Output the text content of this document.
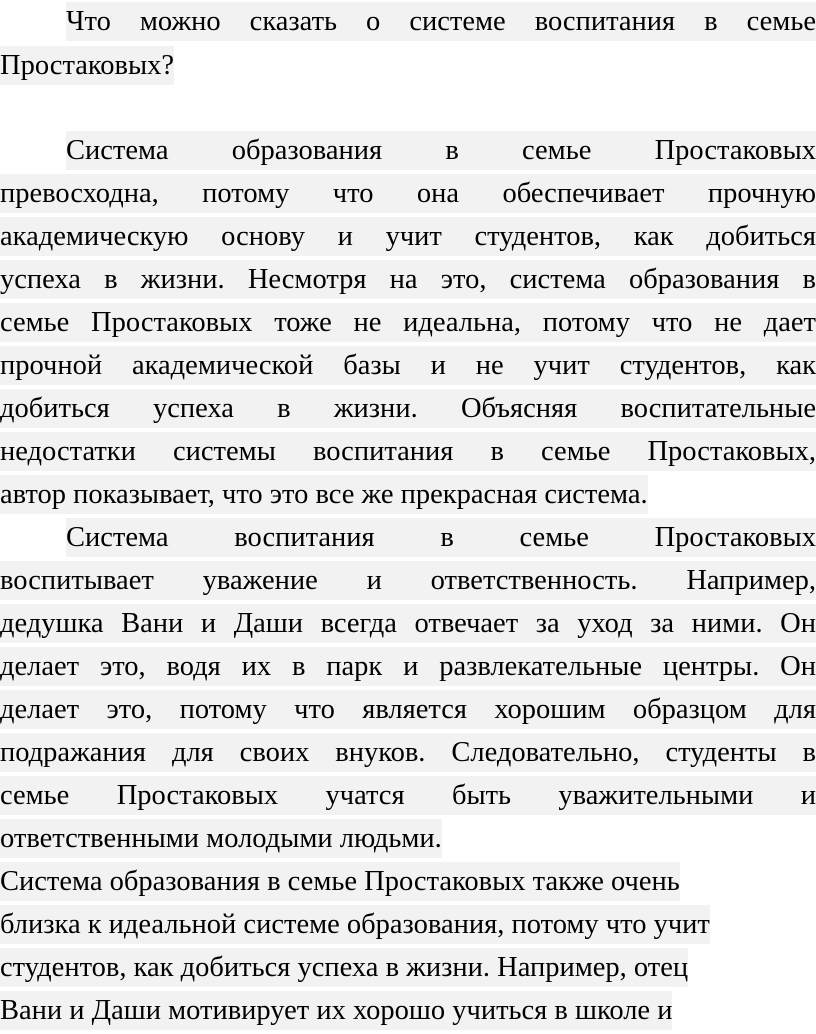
Что можно сказать о системе воспитания в семье
Простаковых?
Система образования в семье Простаковых
превосходна, потому что она обеспечивает прочную
академическую основу и учит студентов, как добиться
успеха в жизни. Несмотря на это, система образования в
семье Простаковых тоже не идеальна, потому что не дает
прочной академической базы и не учит студентов, как
добиться успеха в жизни. Объясняя воспитательные
недостатки системы воспитания в семье Простаковых,
автор показывает, что это все же прекрасная система.
Система воспитания в семье Простаковых
воспитывает уважение и ответственность. Например,
дедушка Вани и Даши всегда отвечает за уход за ними. Он
делает это, водя их в парк и развлекательные центры. Он
делает это, потому что является хорошим образцом для
подражания для своих внуков. Следовательно, студенты в
семье Простаковых учатся быть уважительными и
ответственными молодыми людьми.
Система образования в семье Простаковых также очень
близка к идеальной системе образования, потому что учит
студентов, как добиться успеха в жизни. Например, отец
Вани и Даши мотивирует их хорошо учиться в школе и
